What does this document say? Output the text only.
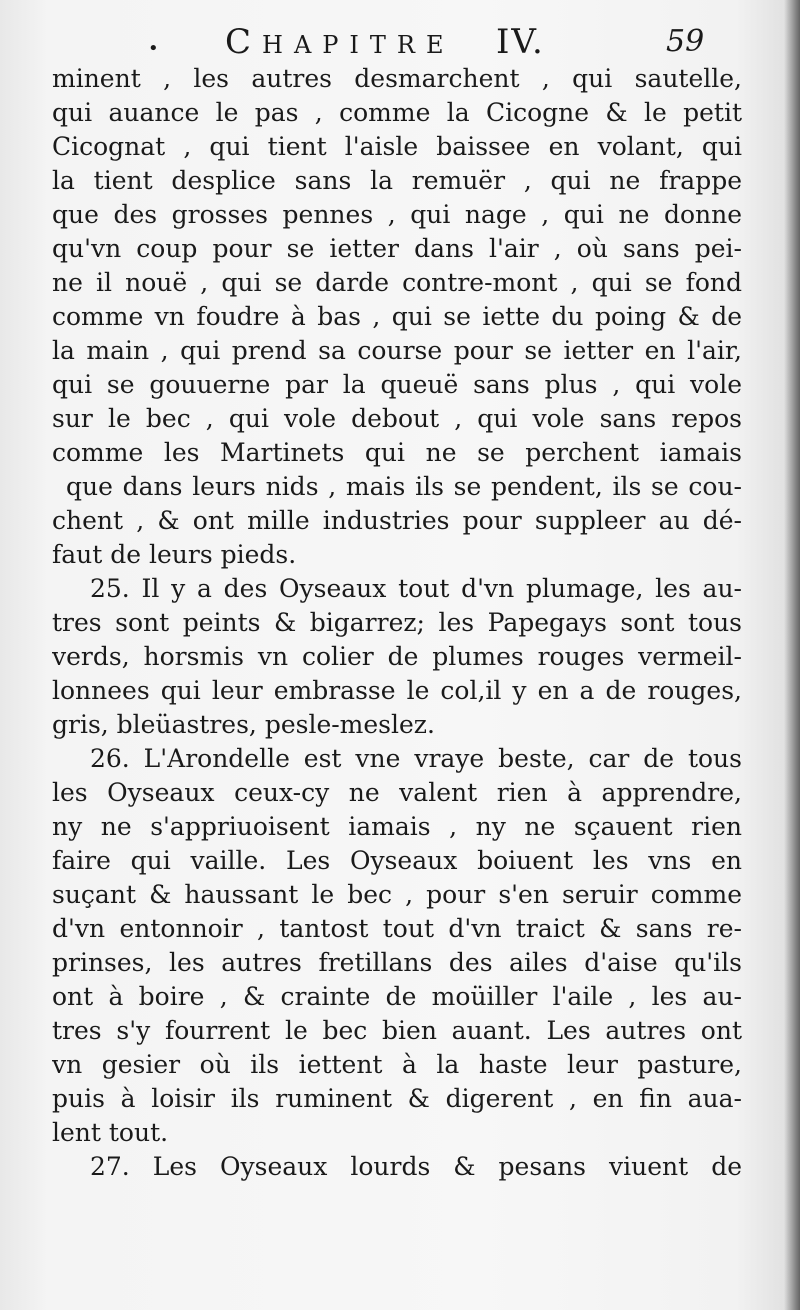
• Chapitre IV.	59
minent , les autres desmarchent , qui sautelle,
qui auance le pas , comme la Cicogne & le petit
Cicognat , qui tient l'aisle baissee en volant, qui
la tient desplice sans la remuër , qui ne frappe
que des grosses pennes , qui nage , qui ne donne
qu'vn coup pour se ietter dans l'air , où sans pei-
ne il nouë , qui se darde contre-mont , qui se fond
comme vn foudre à bas , qui se iette du poing & de
la main , qui prend sa course pour se ietter en l'air,
qui se gouuerne par la queuë sans plus , qui vole
sur le bec , qui vole debout , qui vole sans repos
comme les Martinets qui ne se perchent iamais
que dans leurs nids , mais ils se pendent, ils se cou-
chent , & ont mille industries pour suppleer au dé-
faut de leurs pieds.
25. Il y a des Oyseaux tout d'vn plumage, les au-
tres sont peints & bigarrez; les Papegays sont tous
verds, horsmis vn colier de plumes rouges vermeil-
lonnees qui leur embrasse le col,il y en a de rouges,
gris, bleüastres, pesle-meslez.
26. L'Arondelle est vne vraye beste, car de tous
les Oyseaux ceux-cy ne valent rien à apprendre,
ny ne s'appriuoisent iamais , ny ne sçauent rien
faire qui vaille. Les Oyseaux boiuent les vns en
suçant & haussant le bec , pour s'en seruir comme
d'vn entonnoir , tantost tout d'vn traict & sans re-
prinses, les autres fretillans des ailes d'aise qu'ils
ont à boire , & crainte de moüiller l'aile , les au-
tres s'y fourrent le bec bien auant. Les autres ont
vn gesier où ils iettent à la haste leur pasture,
puis à loisir ils ruminent & digerent , en fin aua-
lent tout.
27. Les Oyseaux lourds & pesans viuent de
